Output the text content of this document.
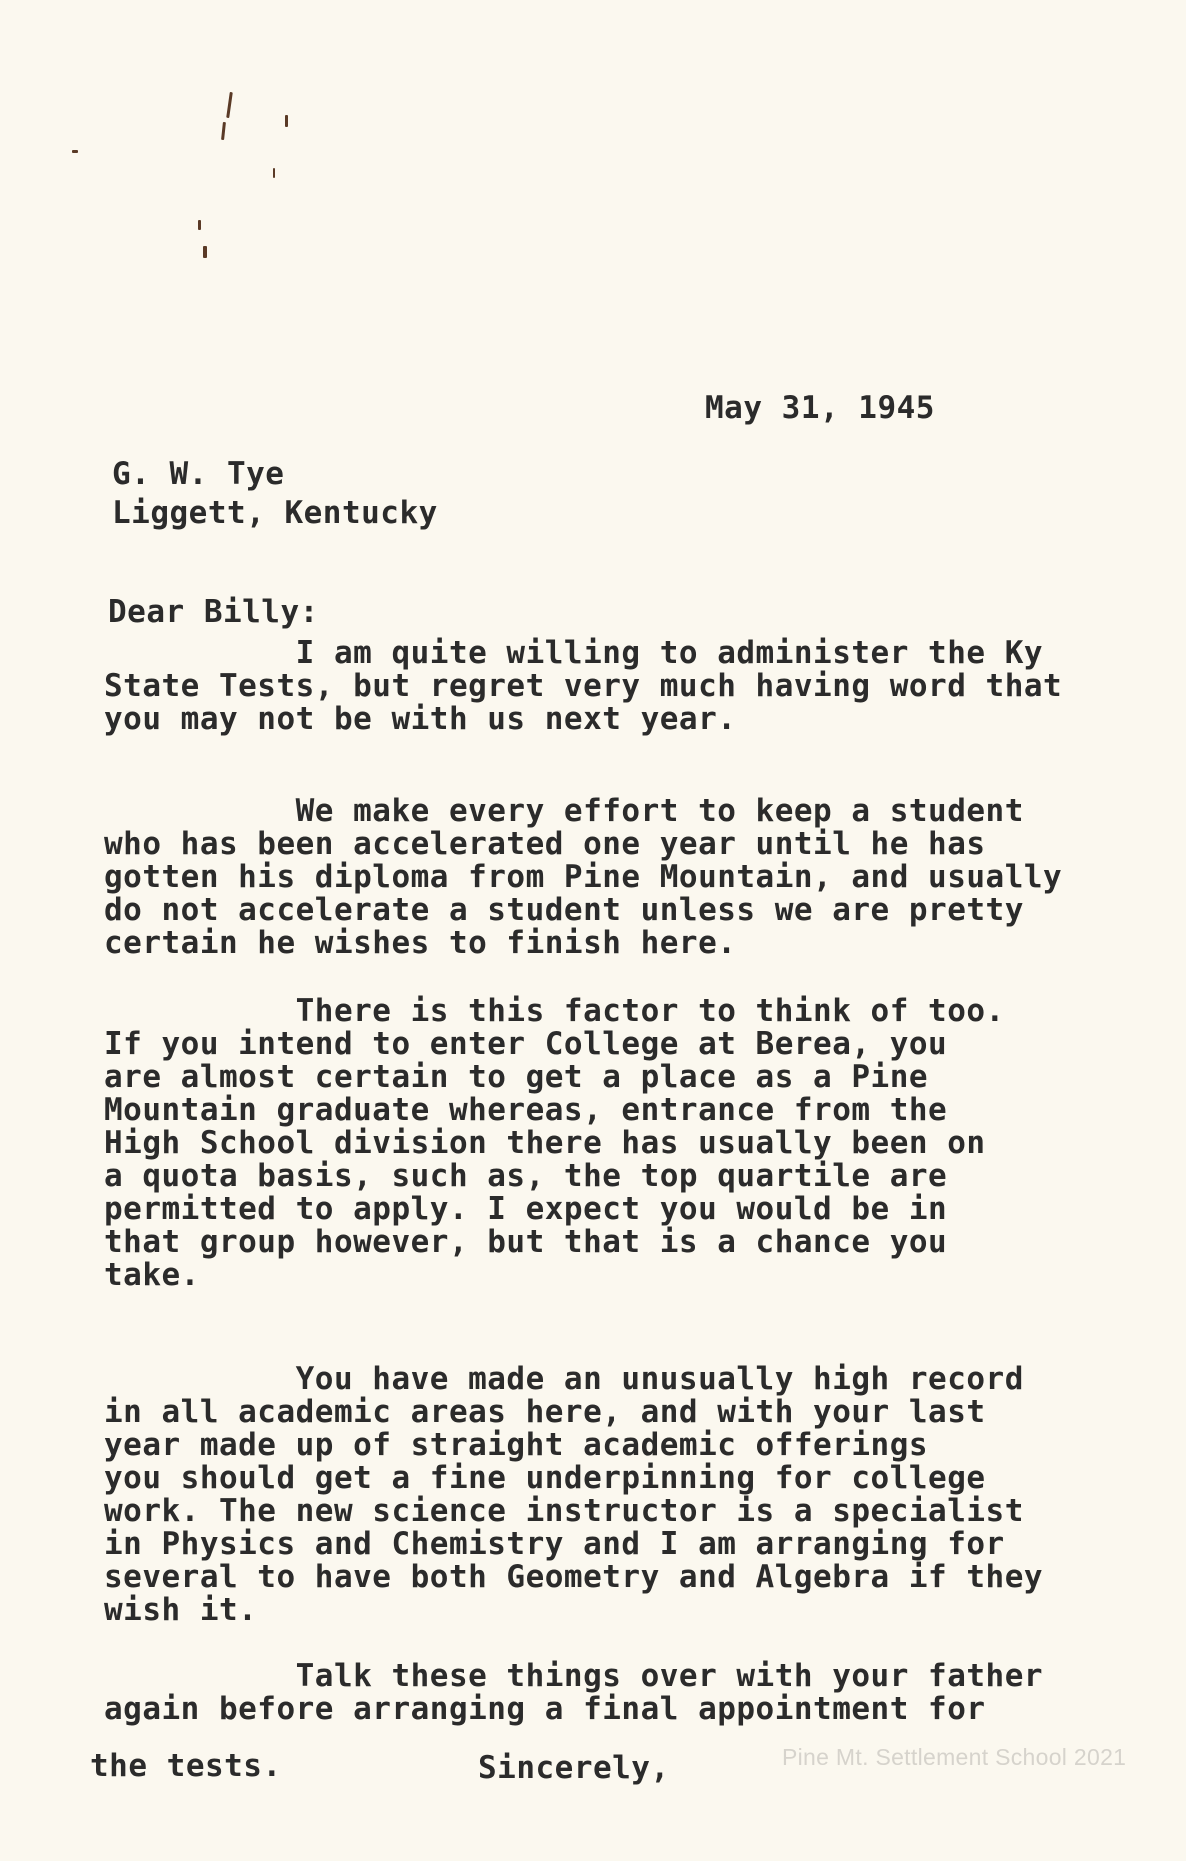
May 31, 1945
G. W. Tye
Liggett, Kentucky
Dear Billy:
I am quite willing to administer the Ky
State Tests, but regret very much having word that
you may not be with us next year.
We make every effort to keep a student
who has been accelerated one year until he has
gotten his diploma from Pine Mountain, and usually
do not accelerate a student unless we are pretty
certain he wishes to finish here.
There is this factor to think of too.
If you intend to enter College at Berea, you
are almost certain to get a place as a Pine
Mountain graduate whereas, entrance from the
High School division there has usually been on
a quota basis, such as, the top quartile are
permitted to apply. I expect you would be in
that group however, but that is a chance you
take.
You have made an unusually high record
in all academic areas here, and with your last
year made up of straight academic offerings
you should get a fine underpinning for college
work. The new science instructor is a specialist
in Physics and Chemistry and I am arranging for
several to have both Geometry and Algebra if they
wish it.
Talk these things over with your father
again before arranging a final appointment for
the tests.	Sincerely,	Pine Mt. Settlement School 2021
